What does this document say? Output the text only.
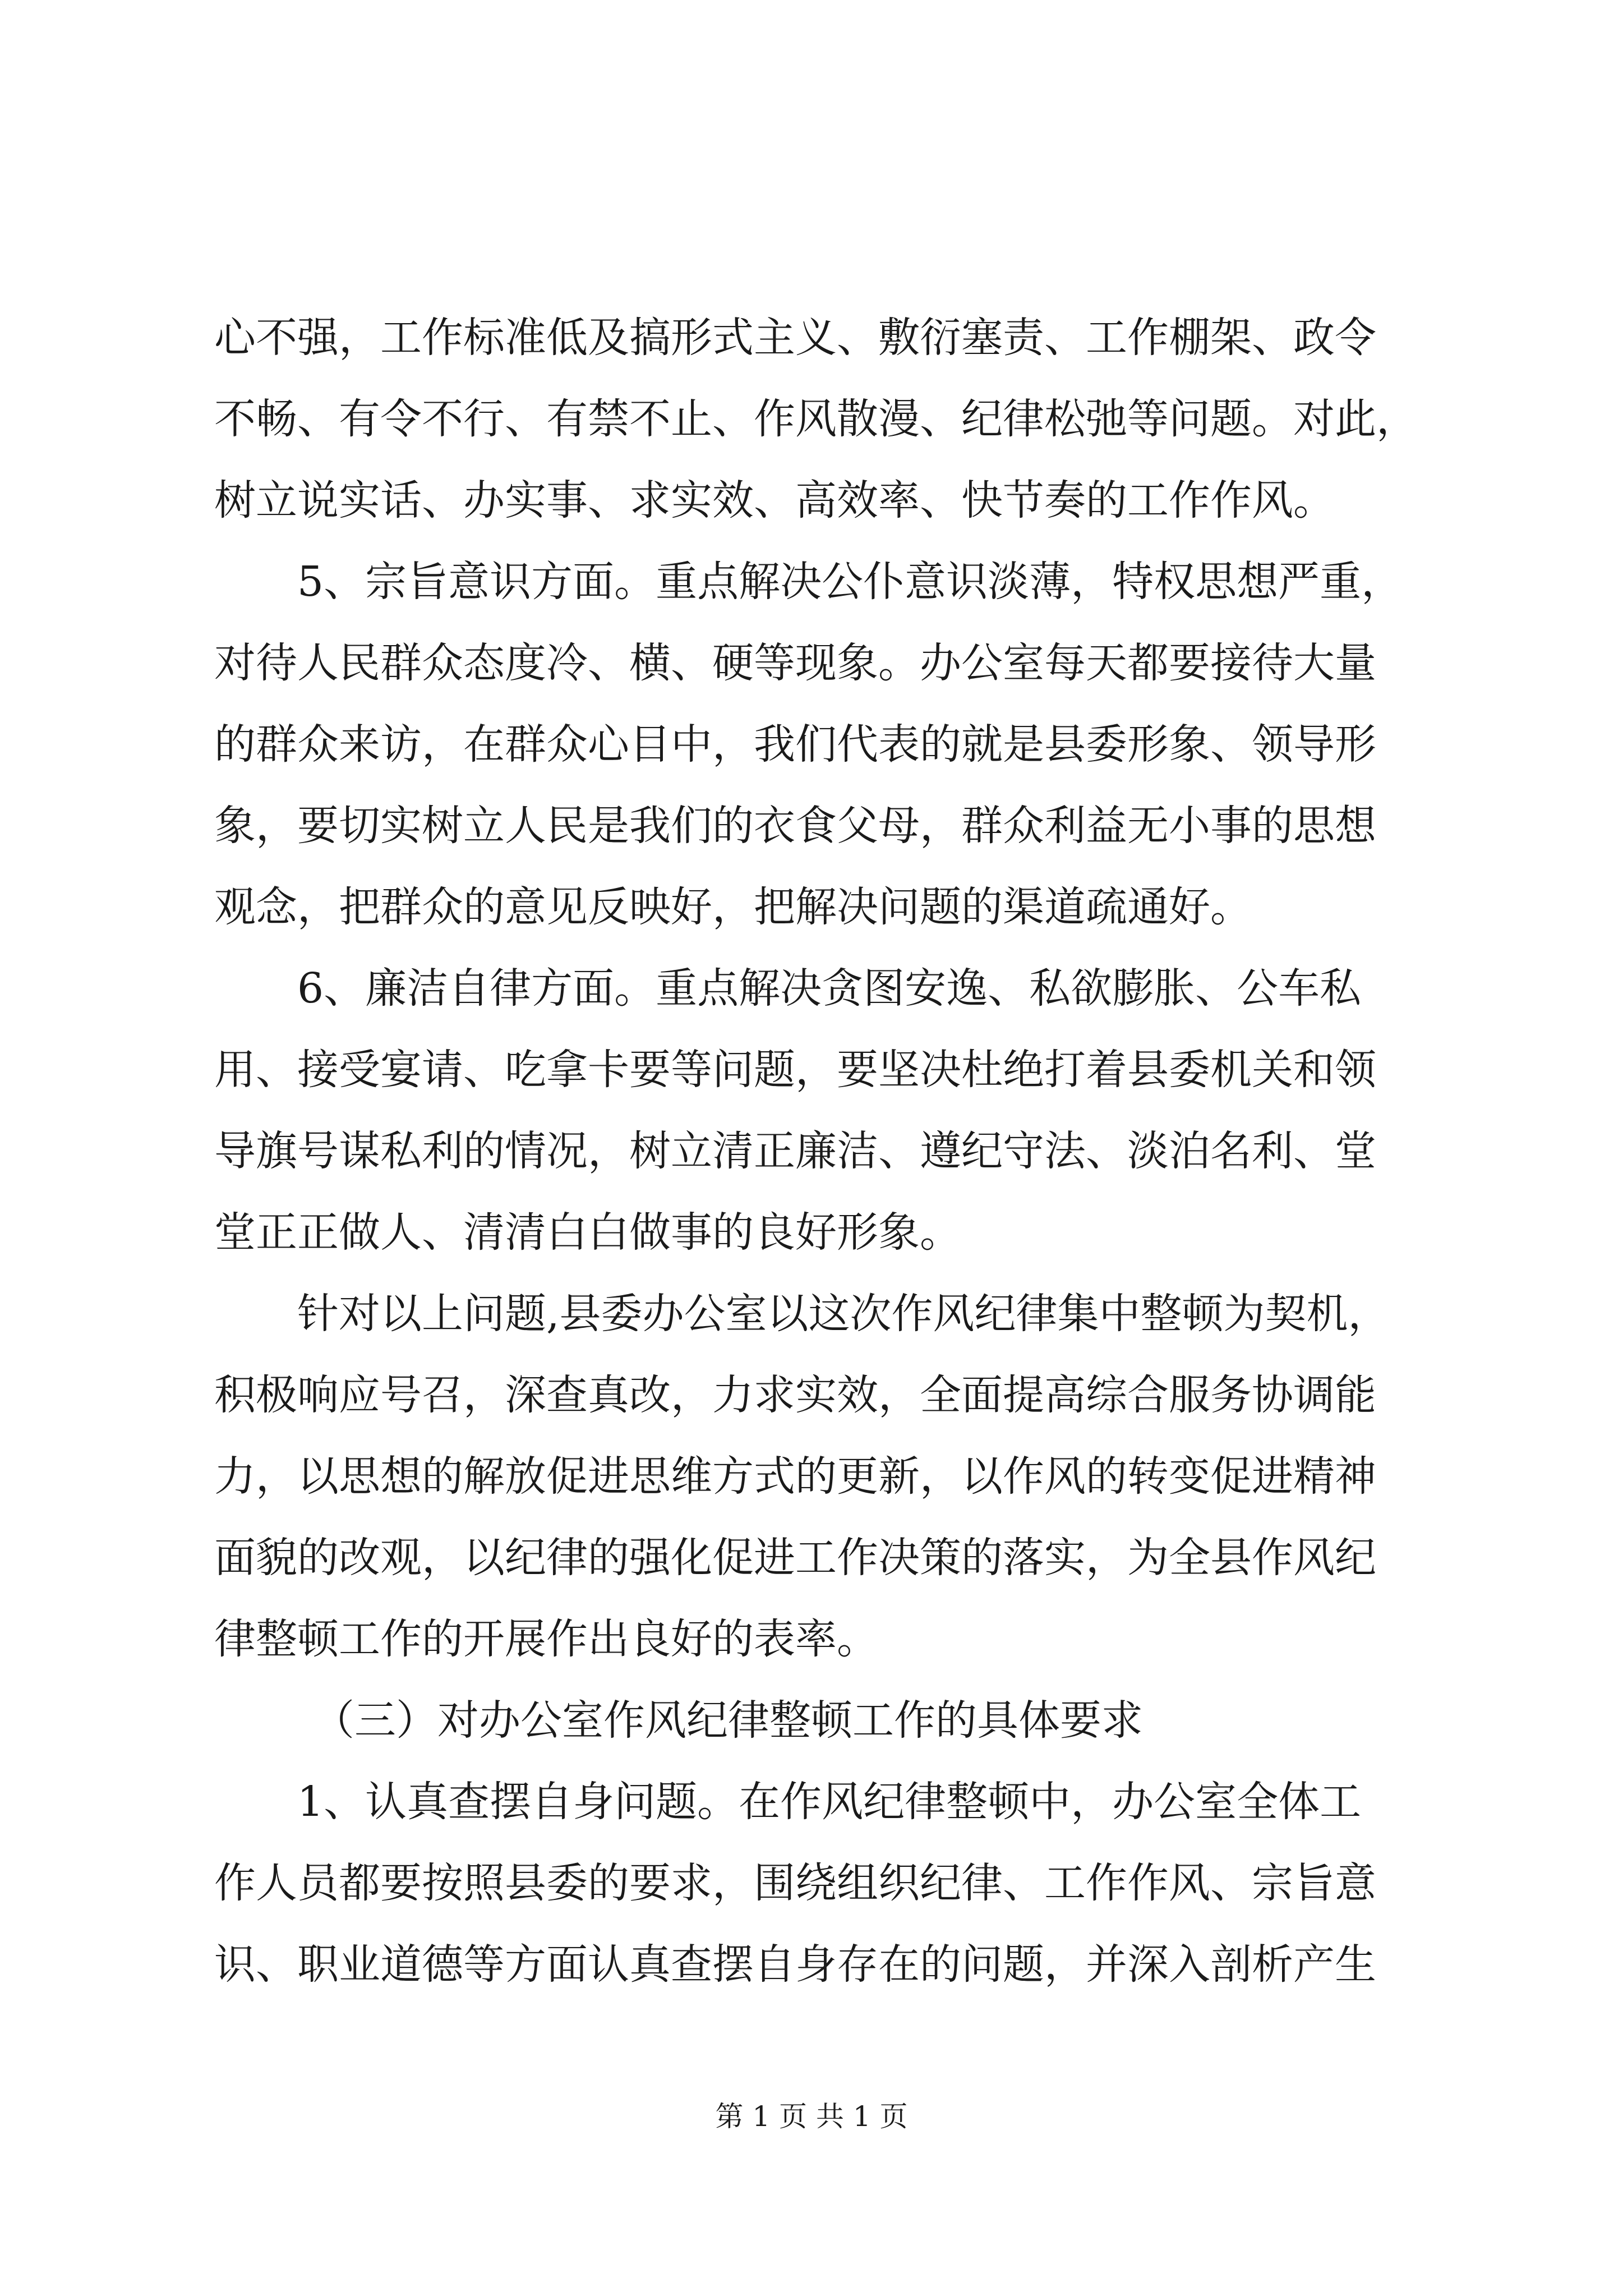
心不强，工作标准低及搞形式主义、敷衍塞责、工作棚架、政令
不畅、有令不行、有禁不止、作风散漫、纪律松弛等问题。对此，
树立说实话、办实事、求实效、高效率、快节奏的工作作风。
5、宗旨意识方面。重点解决公仆意识淡薄，特权思想严重，
对待人民群众态度冷、横、硬等现象。办公室每天都要接待大量
的群众来访，在群众心目中，我们代表的就是县委形象、领导形
象，要切实树立人民是我们的衣食父母，群众利益无小事的思想
观念，把群众的意见反映好，把解决问题的渠道疏通好。
6、廉洁自律方面。重点解决贪图安逸、私欲膨胀、公车私
用、接受宴请、吃拿卡要等问题，要坚决杜绝打着县委机关和领
导旗号谋私利的情况，树立清正廉洁、遵纪守法、淡泊名利、堂
堂正正做人、清清白白做事的良好形象。
针对以上问题,县委办公室以这次作风纪律集中整顿为契机，
积极响应号召，深查真改，力求实效，全面提高综合服务协调能
力，以思想的解放促进思维方式的更新，以作风的转变促进精神
面貌的改观，以纪律的强化促进工作决策的落实，为全县作风纪
律整顿工作的开展作出良好的表率。
（三）对办公室作风纪律整顿工作的具体要求
1、认真查摆自身问题。在作风纪律整顿中，办公室全体工
作人员都要按照县委的要求，围绕组织纪律、工作作风、宗旨意
识、职业道德等方面认真查摆自身存在的问题，并深入剖析产生
第 1 页 共 1 页
